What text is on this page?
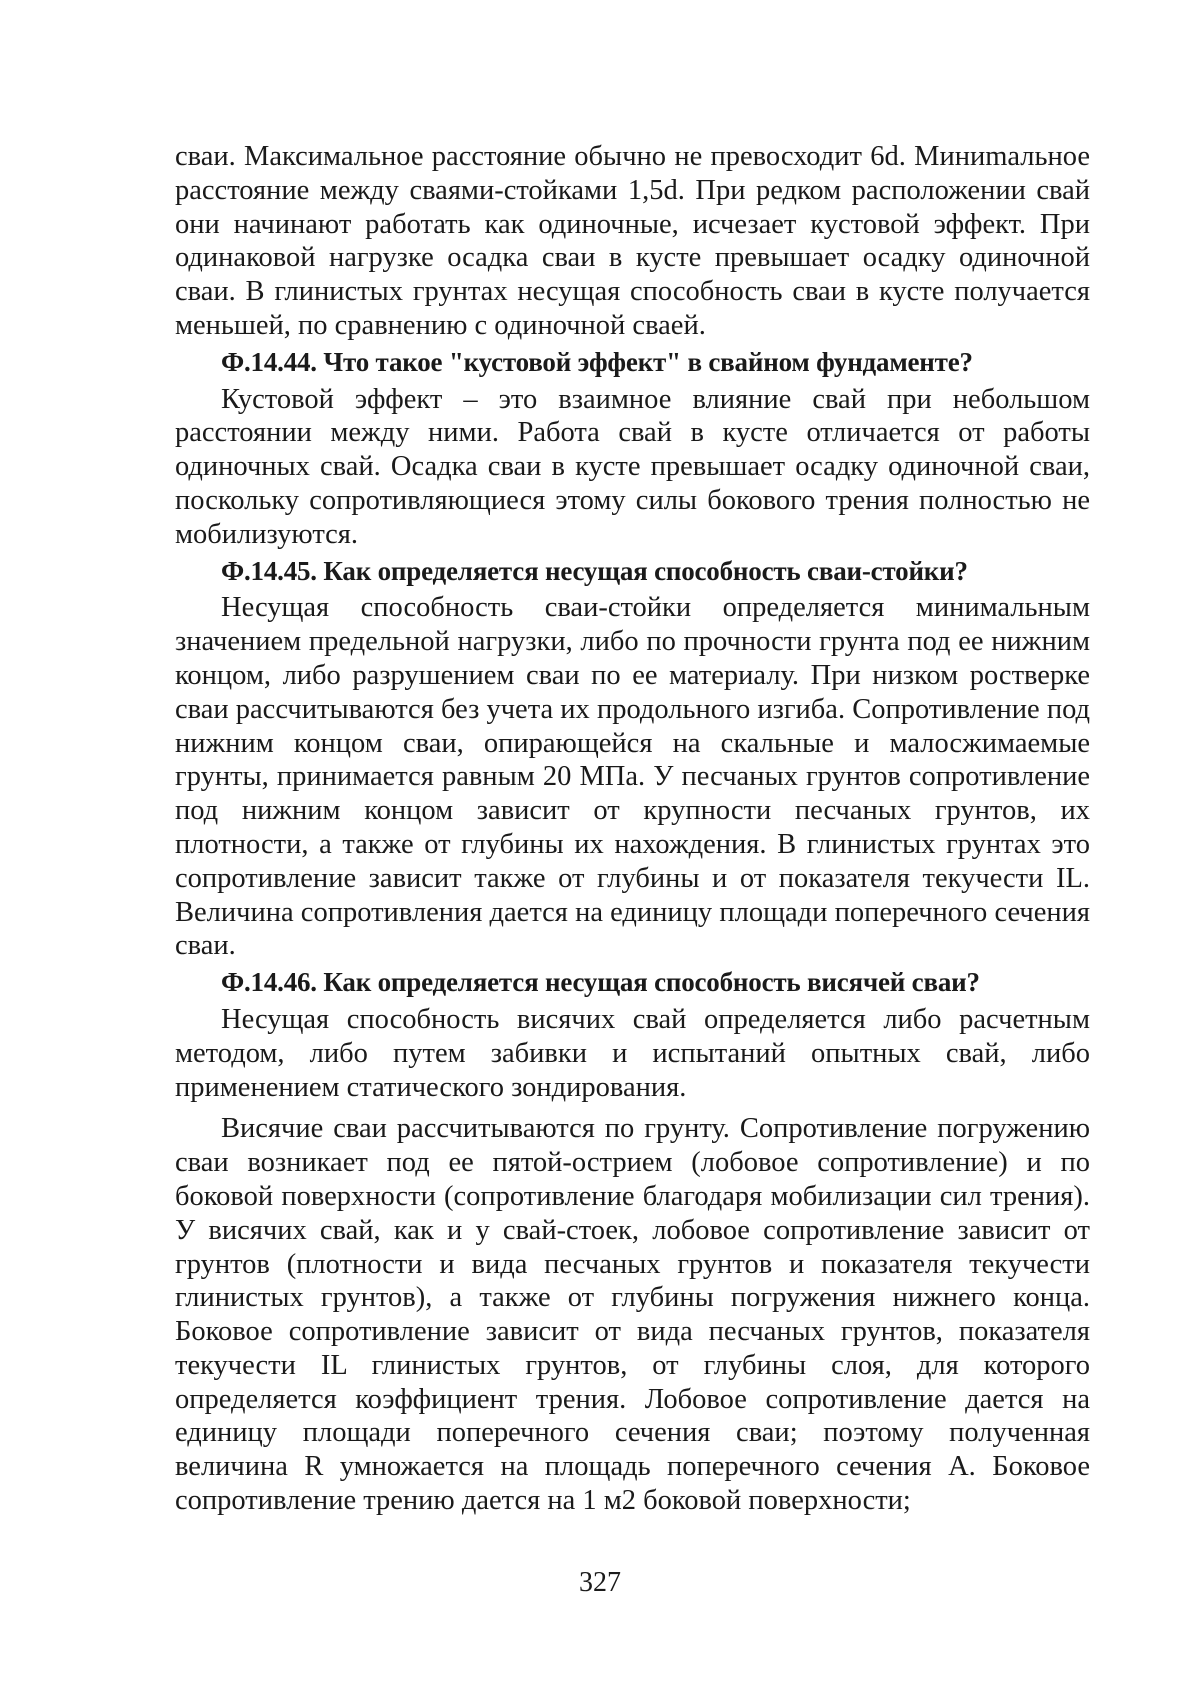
сваи. Максимальное расстояние обычно не превосходит 6d. Миниmальное расстояние между сваями-стойками 1,5d. При редком расположении свай они начинают работать как одиночные, исчезает кустовой эффект. При одинаковой нагрузке осадка сваи в кусте превышает осадку одиночной сваи. В глинистых грунтах несущая способность сваи в кусте получается меньшей, по сравнению с одиночной сваей.

Ф.14.44. Что такое "кустовой эффект" в свайном фундаменте?

Кустовой эффект – это взаимное влияние свай при небольшом расстоянии между ними. Работа свай в кусте отличается от работы одиночных свай. Осадка сваи в кусте превышает осадку одиночной сваи, поскольку сопротивляющиеся этому силы бокового трения полностью не мобилизуются.

Ф.14.45. Как определяется несущая способность сваи-стойки?

Несущая способность сваи-стойки определяется минимальным значением предельной нагрузки, либо по прочности грунта под ее нижним концом, либо разрушением сваи по ее материалу. При низком ростверке сваи рассчитываются без учета их продольного изгиба. Сопротивление под нижним концом сваи, опирающейся на скальные и малосжимаемые грунты, принимается равным 20 МПа. У песчаных грунтов сопротивление под нижним концом зависит от крупности песчаных грунтов, их плотности, а также от глубины их нахождения. В глинистых грунтах это сопротивление зависит также от глубины и от показателя текучести IL. Величина сопротивления дается на единицу площади поперечного сечения сваи.

Ф.14.46. Как определяется несущая способность висячей сваи?

Несущая способность висячих свай определяется либо расчетным методом, либо путем забивки и испытаний опытных свай, либо применением статического зондирования.

Висячие сваи рассчитываются по грунту. Сопротивление погружению сваи возникает под ее пятой-острием (лобовое сопротивление) и по боковой поверхности (сопротивление благодаря мобилизации сил трения). У висячих свай, как и у свай-стоек, лобовое сопротивление зависит от грунтов (плотности и вида песчаных грунтов и показателя текучести глинистых грунтов), а также от глубины погружения нижнего конца. Боковое сопротивление зависит от вида песчаных грунтов, показателя текучести IL глинистых грунтов, от глубины слоя, для которого определяется коэффициент трения. Лобовое сопротивление дается на единицу площади поперечного сечения сваи; поэтому полученная величина R умножается на площадь поперечного сечения A. Боковое сопротивление трению дается на 1 м2 боковой поверхности;

327
